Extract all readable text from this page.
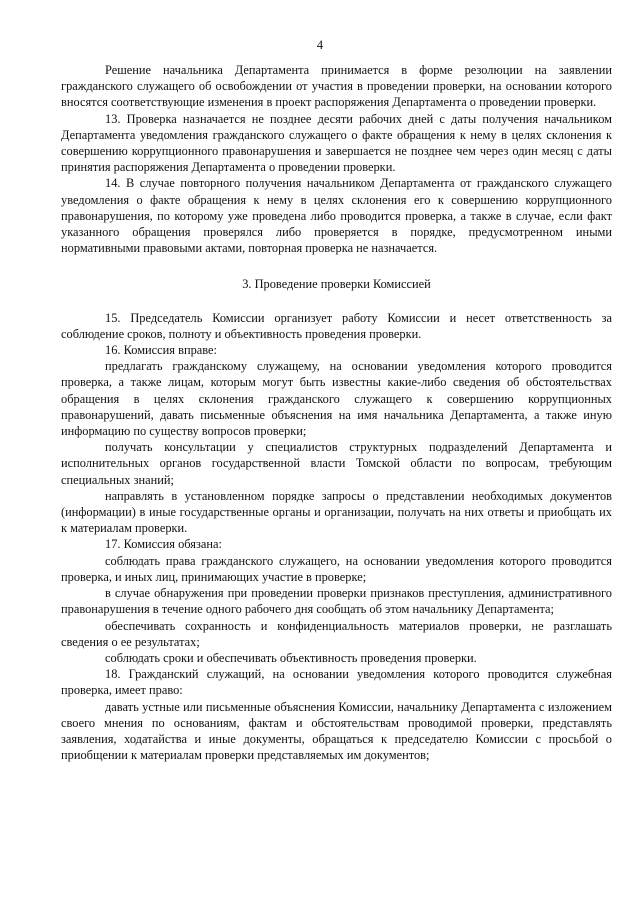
4

Решение начальника Департамента принимается в форме резолюции на заявлении гражданского служащего об освобождении от участия в проведении проверки, на основании которого вносятся соответствующие изменения в проект распоряжения Департамента о проведении проверки.

13. Проверка назначается не позднее десяти рабочих дней с даты получения начальником Департамента уведомления гражданского служащего о факте обращения к нему в целях склонения к совершению коррупционного правонарушения и завершается не позднее чем через один месяц с даты принятия распоряжения Департамента о проведении проверки.

14. В случае повторного получения начальником Департамента от гражданского служащего уведомления о факте обращения к нему в целях склонения его к совершению коррупционного правонарушения, по которому уже проведена либо проводится проверка, а также в случае, если факт указанного обращения проверялся либо проверяется в порядке, предусмотренном иными нормативными правовыми актами, повторная проверка не назначается.

3. Проведение проверки Комиссией

15. Председатель Комиссии организует работу Комиссии и несет ответственность за соблюдение сроков, полноту и объективность проведения проверки.

16. Комиссия вправе:

предлагать гражданскому служащему, на основании уведомления которого проводится проверка, а также лицам, которым могут быть известны какие-либо сведения об обстоятельствах обращения в целях склонения гражданского служащего к совершению коррупционных правонарушений, давать письменные объяснения на имя начальника Департамента, а также иную информацию по существу вопросов проверки;

получать консультации у специалистов структурных подразделений Департамента и исполнительных органов государственной власти Томской области по вопросам, требующим специальных знаний;

направлять в установленном порядке запросы о представлении необходимых документов (информации) в иные государственные органы и организации, получать на них ответы и приобщать их к материалам проверки.

17. Комиссия обязана:

соблюдать права гражданского служащего, на основании уведомления которого проводится проверка, и иных лиц, принимающих участие в проверке;

в случае обнаружения при проведении проверки признаков преступления, административного правонарушения в течение одного рабочего дня сообщать об этом начальнику Департамента;

обеспечивать сохранность и конфиденциальность материалов проверки, не разглашать сведения о ее результатах;

соблюдать сроки и обеспечивать объективность проведения проверки.

18. Гражданский служащий, на основании уведомления которого проводится служебная проверка, имеет право:

давать устные или письменные объяснения Комиссии, начальнику Департамента с изложением своего мнения по основаниям, фактам и обстоятельствам проводимой проверки, представлять заявления, ходатайства и иные документы, обращаться к председателю Комиссии с просьбой о приобщении к материалам проверки представляемых им документов;
